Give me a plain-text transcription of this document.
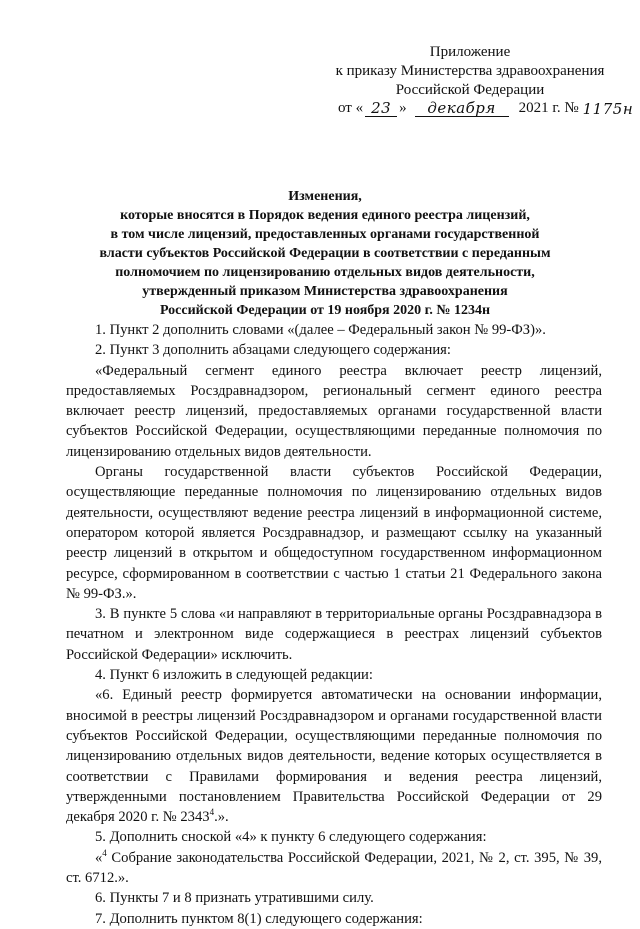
Приложение
к приказу Министерства здравоохранения
Российской Федерации
от « 23 »	декабря	2021 г. № 1175н
Изменения,
которые вносятся в Порядок ведения единого реестра лицензий,
в том числе лицензий, предоставленных органами государственной
власти субъектов Российской Федерации в соответствии с переданным
полномочием по лицензированию отдельных видов деятельности,
утвержденный приказом Министерства здравоохранения
Российской Федерации от 19 ноября 2020 г. № 1234н

1. Пункт 2 дополнить словами «(далее – Федеральный закон № 99-ФЗ)».

2. Пункт 3 дополнить абзацами следующего содержания:

«Федеральный сегмент единого реестра включает реестр лицензий, предоставляемых Росздравнадзором, региональный сегмент единого реестра включает реестр лицензий, предоставляемых органами государственной власти субъектов Российской Федерации, осуществляющими переданные полномочия по лицензированию отдельных видов деятельности.

Органы государственной власти субъектов Российской Федерации, осуществляющие переданные полномочия по лицензированию отдельных видов деятельности, осуществляют ведение реестра лицензий в информационной системе, оператором которой является Росздравнадзор, и размещают ссылку на указанный реестр лицензий в открытом и общедоступном государственном информационном ресурсе, сформированном в соответствии с частью 1 статьи 21 Федерального закона № 99-ФЗ.».

3. В пункте 5 слова «и направляют в территориальные органы Росздравнадзора в печатном и электронном виде содержащиеся в реестрах лицензий субъектов Российской Федерации» исключить.

4. Пункт 6 изложить в следующей редакции:

«6. Единый реестр формируется автоматически на основании информации, вносимой в реестры лицензий Росздравнадзором и органами государственной власти субъектов Российской Федерации, осуществляющими переданные полномочия по лицензированию отдельных видов деятельности, ведение которых осуществляется в соответствии с Правилами формирования и ведения реестра лицензий, утвержденными постановлением Правительства Российской Федерации от 29 декабря 2020 г. № 2343$^4$.».

5. Дополнить сноской «4» к пункту 6 следующего содержания:

«$^4$ Собрание законодательства Российской Федерации, 2021, № 2, ст. 395, № 39, ст. 6712.».

6. Пункты 7 и 8 признать утратившими силу.

7. Дополнить пунктом 8(1) следующего содержания:
